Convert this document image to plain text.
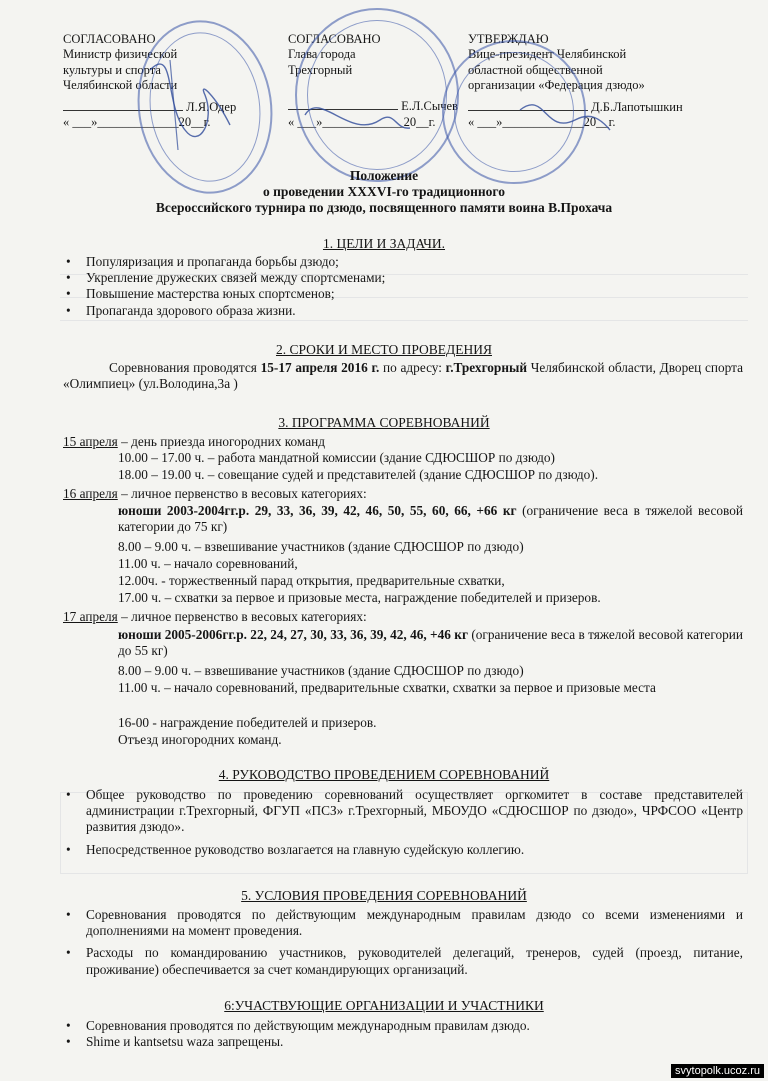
СОГЛАСОВАНО
Министр физической
культуры и спорта
Челябинской области
Л.Я.Одер
« ___»_____________20__г.
СОГЛАСОВАНО
Глава города
Трехгорный
Е.Л.Сычев
« ___»_____________20__г.
УТВЕРЖДАЮ
Вице-президент Челябинской
областной общественной
организации «Федерация дзюдо»
Д.Б.Лапотышкин
« ___»_____________20__г.
Положение
о проведении XXXVI-го традиционного
Всероссийского турнира по дзюдо, посвященного памяти воина В.Прохача
1. ЦЕЛИ И ЗАДАЧИ.
• Популяризация и пропаганда борьбы дзюдо;
• Укрепление дружеских связей между спортсменами;
• Повышение мастерства юных спортсменов;
• Пропаганда здорового образа жизни.
2. СРОКИ И МЕСТО ПРОВЕДЕНИЯ
Соревнования проводятся 15-17 апреля 2016 г. по адресу: г.Трехгорный Челябинской области, Дворец спорта «Олимпиец» (ул.Володина,3а )
3. ПРОГРАММА СОРЕВНОВАНИЙ
15 апреля – день приезда иногородних команд
10.00 – 17.00 ч. – работа мандатной комиссии (здание СДЮСШОР по дзюдо)
18.00 – 19.00 ч. – совещание судей и представителей (здание СДЮСШОР по дзюдо).
16 апреля – личное первенство в весовых категориях:
юноши 2003-2004гг.р. 29, 33, 36, 39, 42, 46, 50, 55, 60, 66, +66 кг (ограничение веса в тяжелой весовой категории до 75 кг)
8.00 – 9.00 ч. – взвешивание участников (здание СДЮСШОР по дзюдо)
11.00 ч. – начало соревнований,
12.00ч. - торжественный парад открытия, предварительные схватки,
17.00 ч. – схватки за первое и призовые места, награждение победителей и призеров.
17 апреля – личное первенство в весовых категориях:
юноши 2005-2006гг.р. 22, 24, 27, 30, 33, 36, 39, 42, 46, +46 кг (ограничение веса в тяжелой весовой категории до 55 кг)
8.00 – 9.00 ч. – взвешивание участников (здание СДЮСШОР по дзюдо)
11.00 ч. – начало соревнований, предварительные схватки, схватки за первое и призовые места
16-00 - награждение победителей и призеров.
Отъезд иногородних команд.
4. РУКОВОДСТВО ПРОВЕДЕНИЕМ СОРЕВНОВАНИЙ
• Общее руководство по проведению соревнований осуществляет оргкомитет в составе представителей администрации г.Трехгорный, ФГУП «ПСЗ» г.Трехгорный, МБОУДО «СДЮСШОР по дзюдо», ЧРФСОО «Центр развития дзюдо».
• Непосредственное руководство возлагается на главную судейскую коллегию.
5. УСЛОВИЯ ПРОВЕДЕНИЯ СОРЕВНОВАНИЙ
• Соревнования проводятся по действующим международным правилам дзюдо со всеми изменениями и дополнениями на момент проведения.
• Расходы по командированию участников, руководителей делегаций, тренеров, судей (проезд, питание, проживание) обеспечивается за счет командирующих организаций.
6:УЧАСТВУЮЩИЕ ОРГАНИЗАЦИИ И УЧАСТНИКИ
• Соревнования проводятся по действующим международным правилам дзюдо.
• Shime и kantsetsu waza запрещены.
svytopolk.ucoz.ru
